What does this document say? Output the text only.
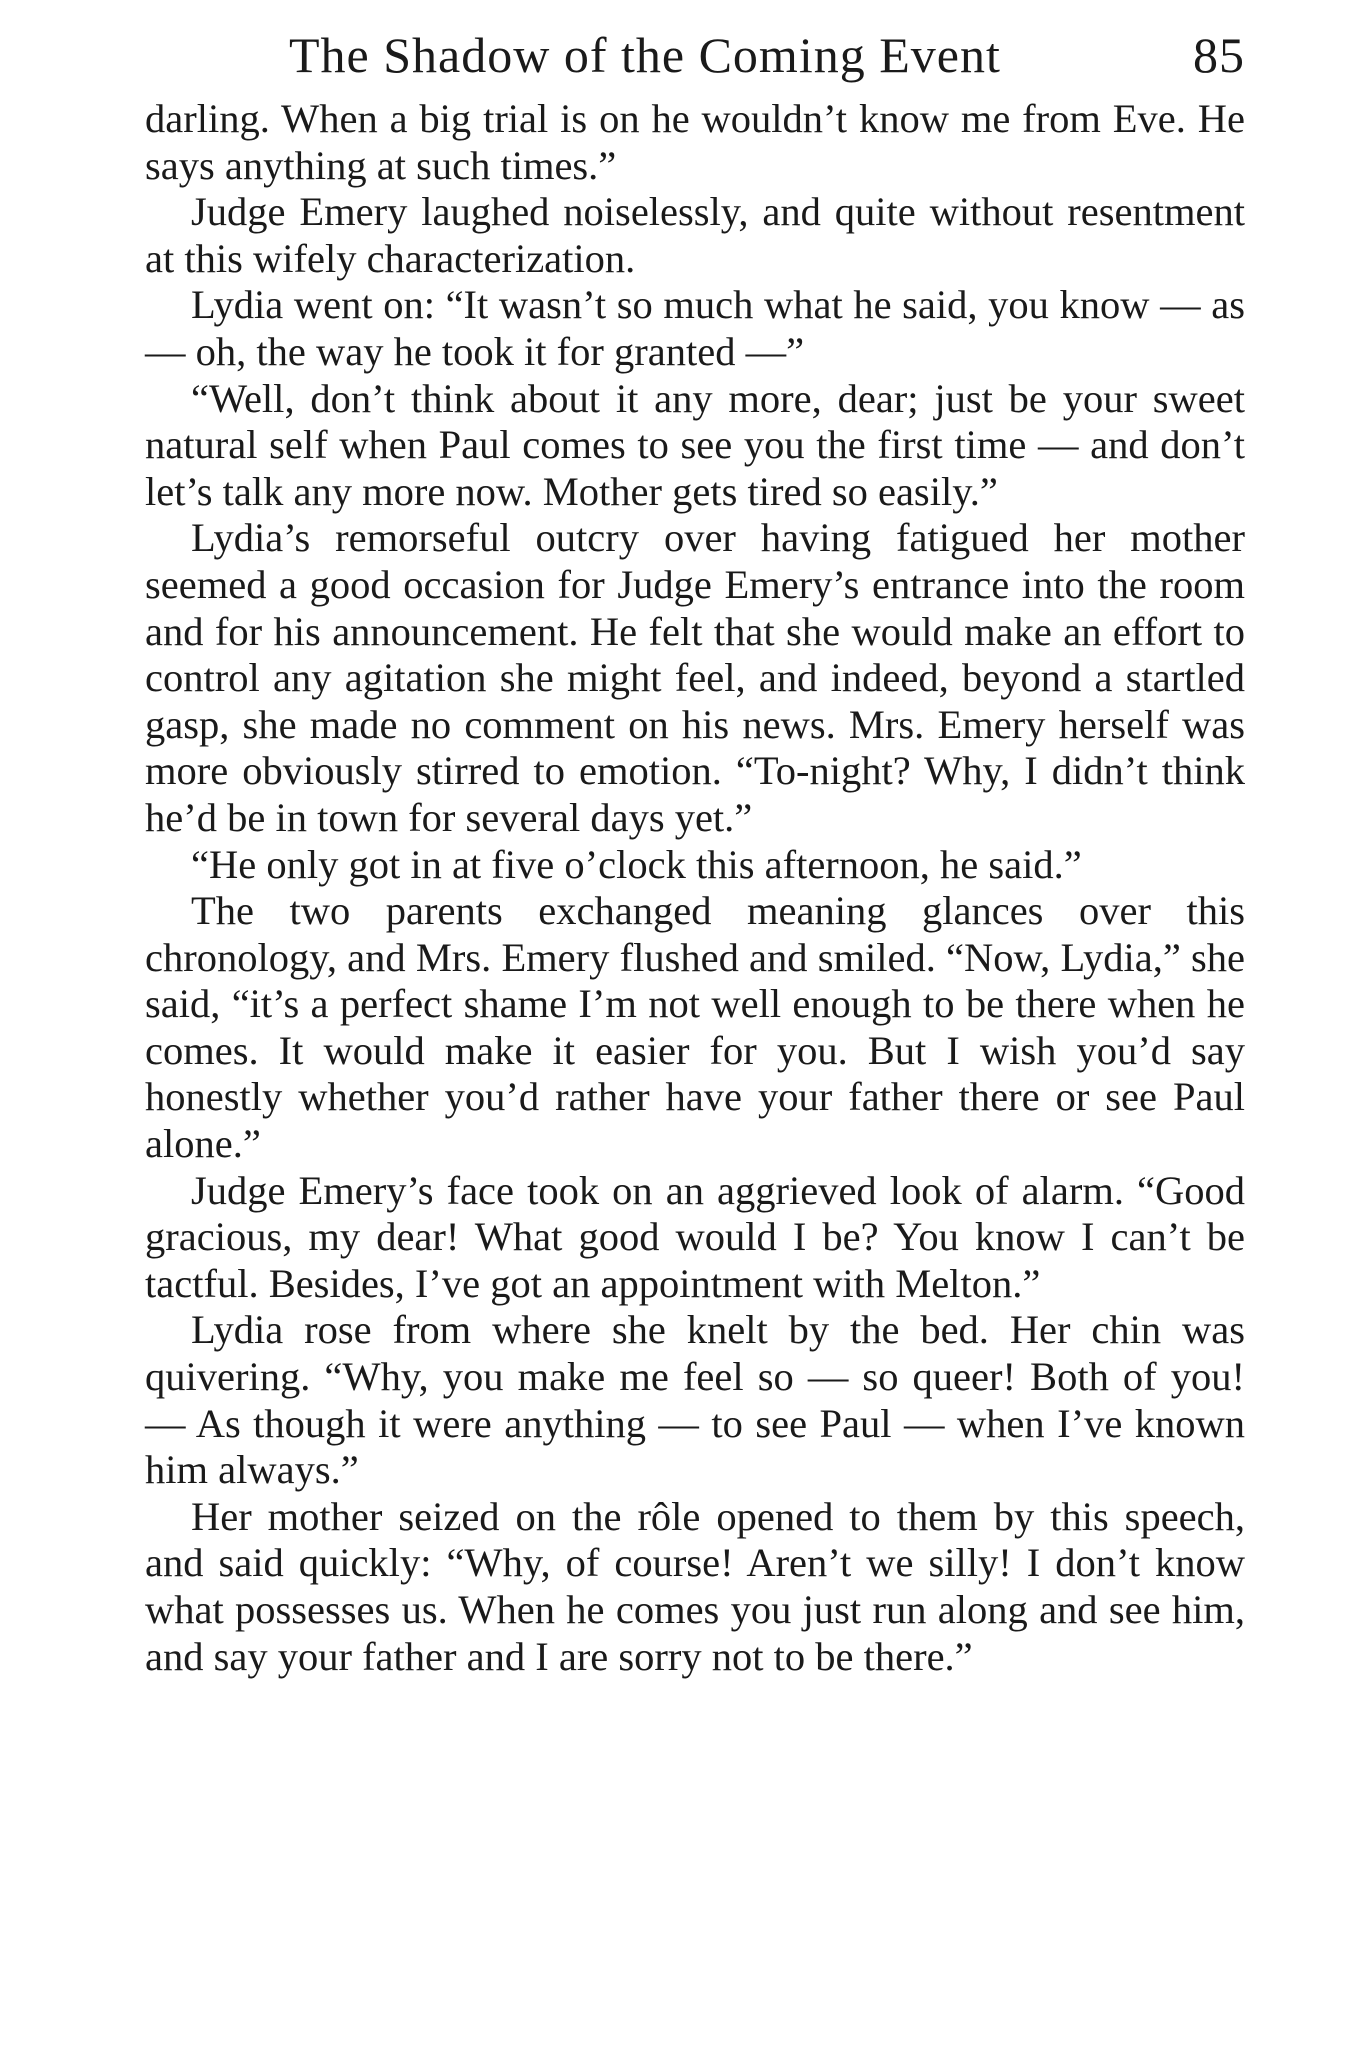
The Shadow of the Coming Event	85

darling. When a big trial is on he wouldn’t know me from Eve. He says anything at such times.”

Judge Emery laughed noiselessly, and quite without resentment at this wifely characterization.

Lydia went on: “It wasn’t so much what he said, you know — as — oh, the way he took it for granted —”

“Well, don’t think about it any more, dear; just be your sweet natural self when Paul comes to see you the first time — and don’t let’s talk any more now. Mother gets tired so easily.”

Lydia’s remorseful outcry over having fatigued her mother seemed a good occasion for Judge Emery’s entrance into the room and for his announcement. He felt that she would make an effort to control any agitation she might feel, and indeed, beyond a startled gasp, she made no comment on his news. Mrs. Emery herself was more obviously stirred to emotion. “To-night? Why, I didn’t think he’d be in town for several days yet.”

“He only got in at five o’clock this afternoon, he said.”

The two parents exchanged meaning glances over this chronology, and Mrs. Emery flushed and smiled. “Now, Lydia,” she said, “it’s a perfect shame I’m not well enough to be there when he comes. It would make it easier for you. But I wish you’d say honestly whether you’d rather have your father there or see Paul alone.”

Judge Emery’s face took on an aggrieved look of alarm. “Good gracious, my dear! What good would I be? You know I can’t be tactful. Besides, I’ve got an appointment with Melton.”

Lydia rose from where she knelt by the bed. Her chin was quivering. “Why, you make me feel so — so queer! Both of you! — As though it were anything — to see Paul — when I’ve known him always.”

Her mother seized on the rôle opened to them by this speech, and said quickly: “Why, of course! Aren’t we silly! I don’t know what possesses us. When he comes you just run along and see him, and say your father and I are sorry not to be there.”
